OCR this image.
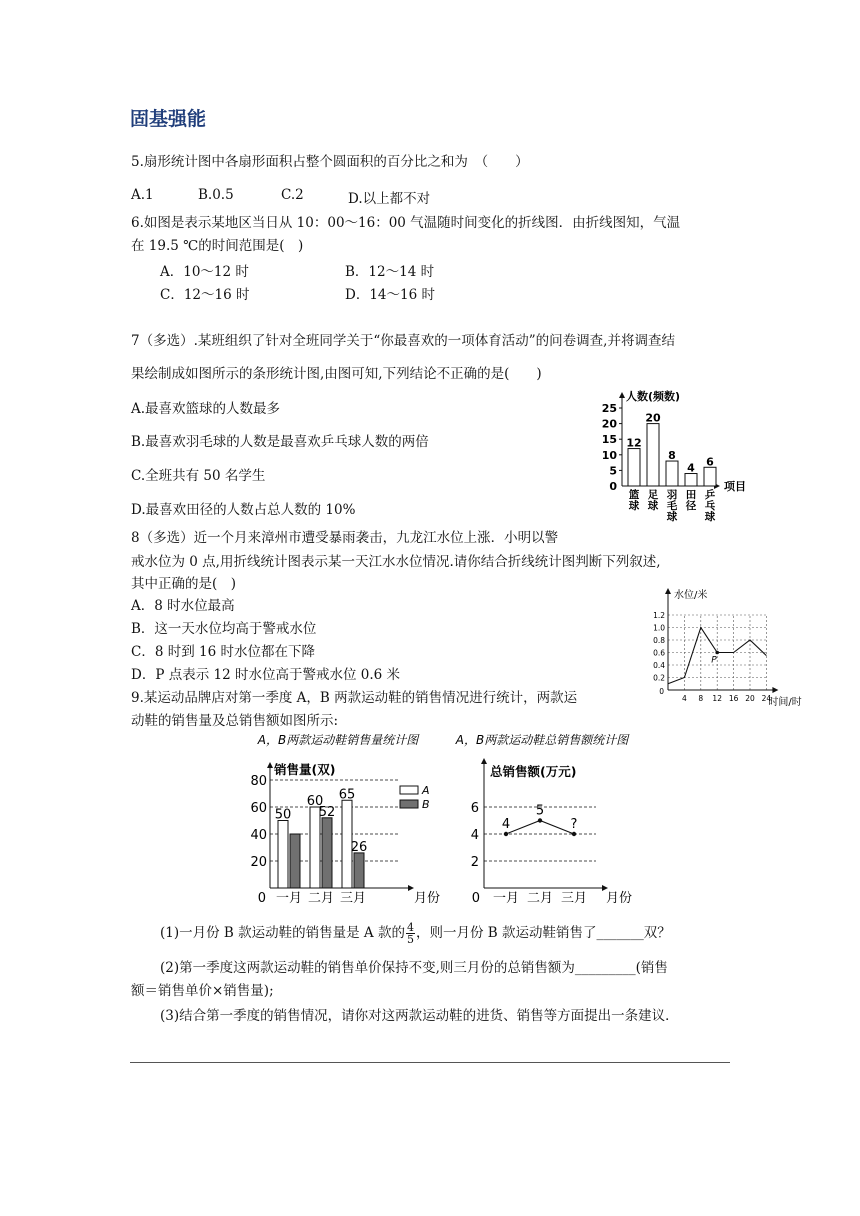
固基强能
5.扇形统计图中各扇形面积占整个圆面积的百分比之和为　（　　）
A.1	B.0.5	C.2	D.以上都不对
6.如图是表示某地区当日从 10：00～16：00 气温随时间变化的折线图．由折线图知，气温
在 19.5 ℃的时间范围是(　)
A．10～12 时	B．12～14 时
C．12～16 时	D．14～16 时
7（多选）.某班组织了针对全班同学关于“你最喜欢的一项体育活动”的问卷调查,并将调查结
果绘制成如图所示的条形统计图,由图可知,下列结论不正确的是(　　)
A.最喜欢篮球的人数最多
B.最喜欢羽毛球的人数是最喜欢乒乓球人数的两倍
C.全班共有 50 名学生
D.最喜欢田径的人数占总人数的 10%
人数(频数)
项目
0
5
10
15
20
25
12
篮
球
20
足
球
8
羽
毛
球
4
田
径
6
乒
乓
球
8（多选）近一个月来漳州市遭受暴雨袭击，九龙江水位上涨．小明以警
戒水位为 0 点,用折线统计图表示某一天江水水位情况.请你结合折线统计图判断下列叙述,
其中正确的是(　)
A．8 时水位最高
B．这一天水位均高于警戒水位
C．8 时到 16 时水位都在下降
D．P 点表示 12 时水位高于警戒水位 0.6 米
水位/米
时间/时
0
0.2
0.4
0.6
0.8
1.0
1.2
4 8 12 16 20 24
P
9.某运动品牌店对第一季度 A，B 两款运动鞋的销售情况进行统计，两款运
动鞋的销售量及总销售额如图所示:
A，B两款运动鞋销售量统计图
销售量(双)
20
40
60
80
0	月份
50
一月
60
52
二月
65
26
三月
A
B
A，B两款运动鞋总销售额统计图
总销售额(万元)
2
4
6
0	月份
4
一月
5
二月
?
三月
(1)一月份 B 款运动鞋的销售量是 A 款的 $\frac{4}{5}$ ，则一月份 B 款运动鞋销售了_______双？
(2)第一季度这两款运动鞋的销售单价保持不变,则三月份的总销售额为_________(销售
额＝销售单价×销售量);
(3)结合第一季度的销售情况，请你对这两款运动鞋的进货、销售等方面提出一条建议．
